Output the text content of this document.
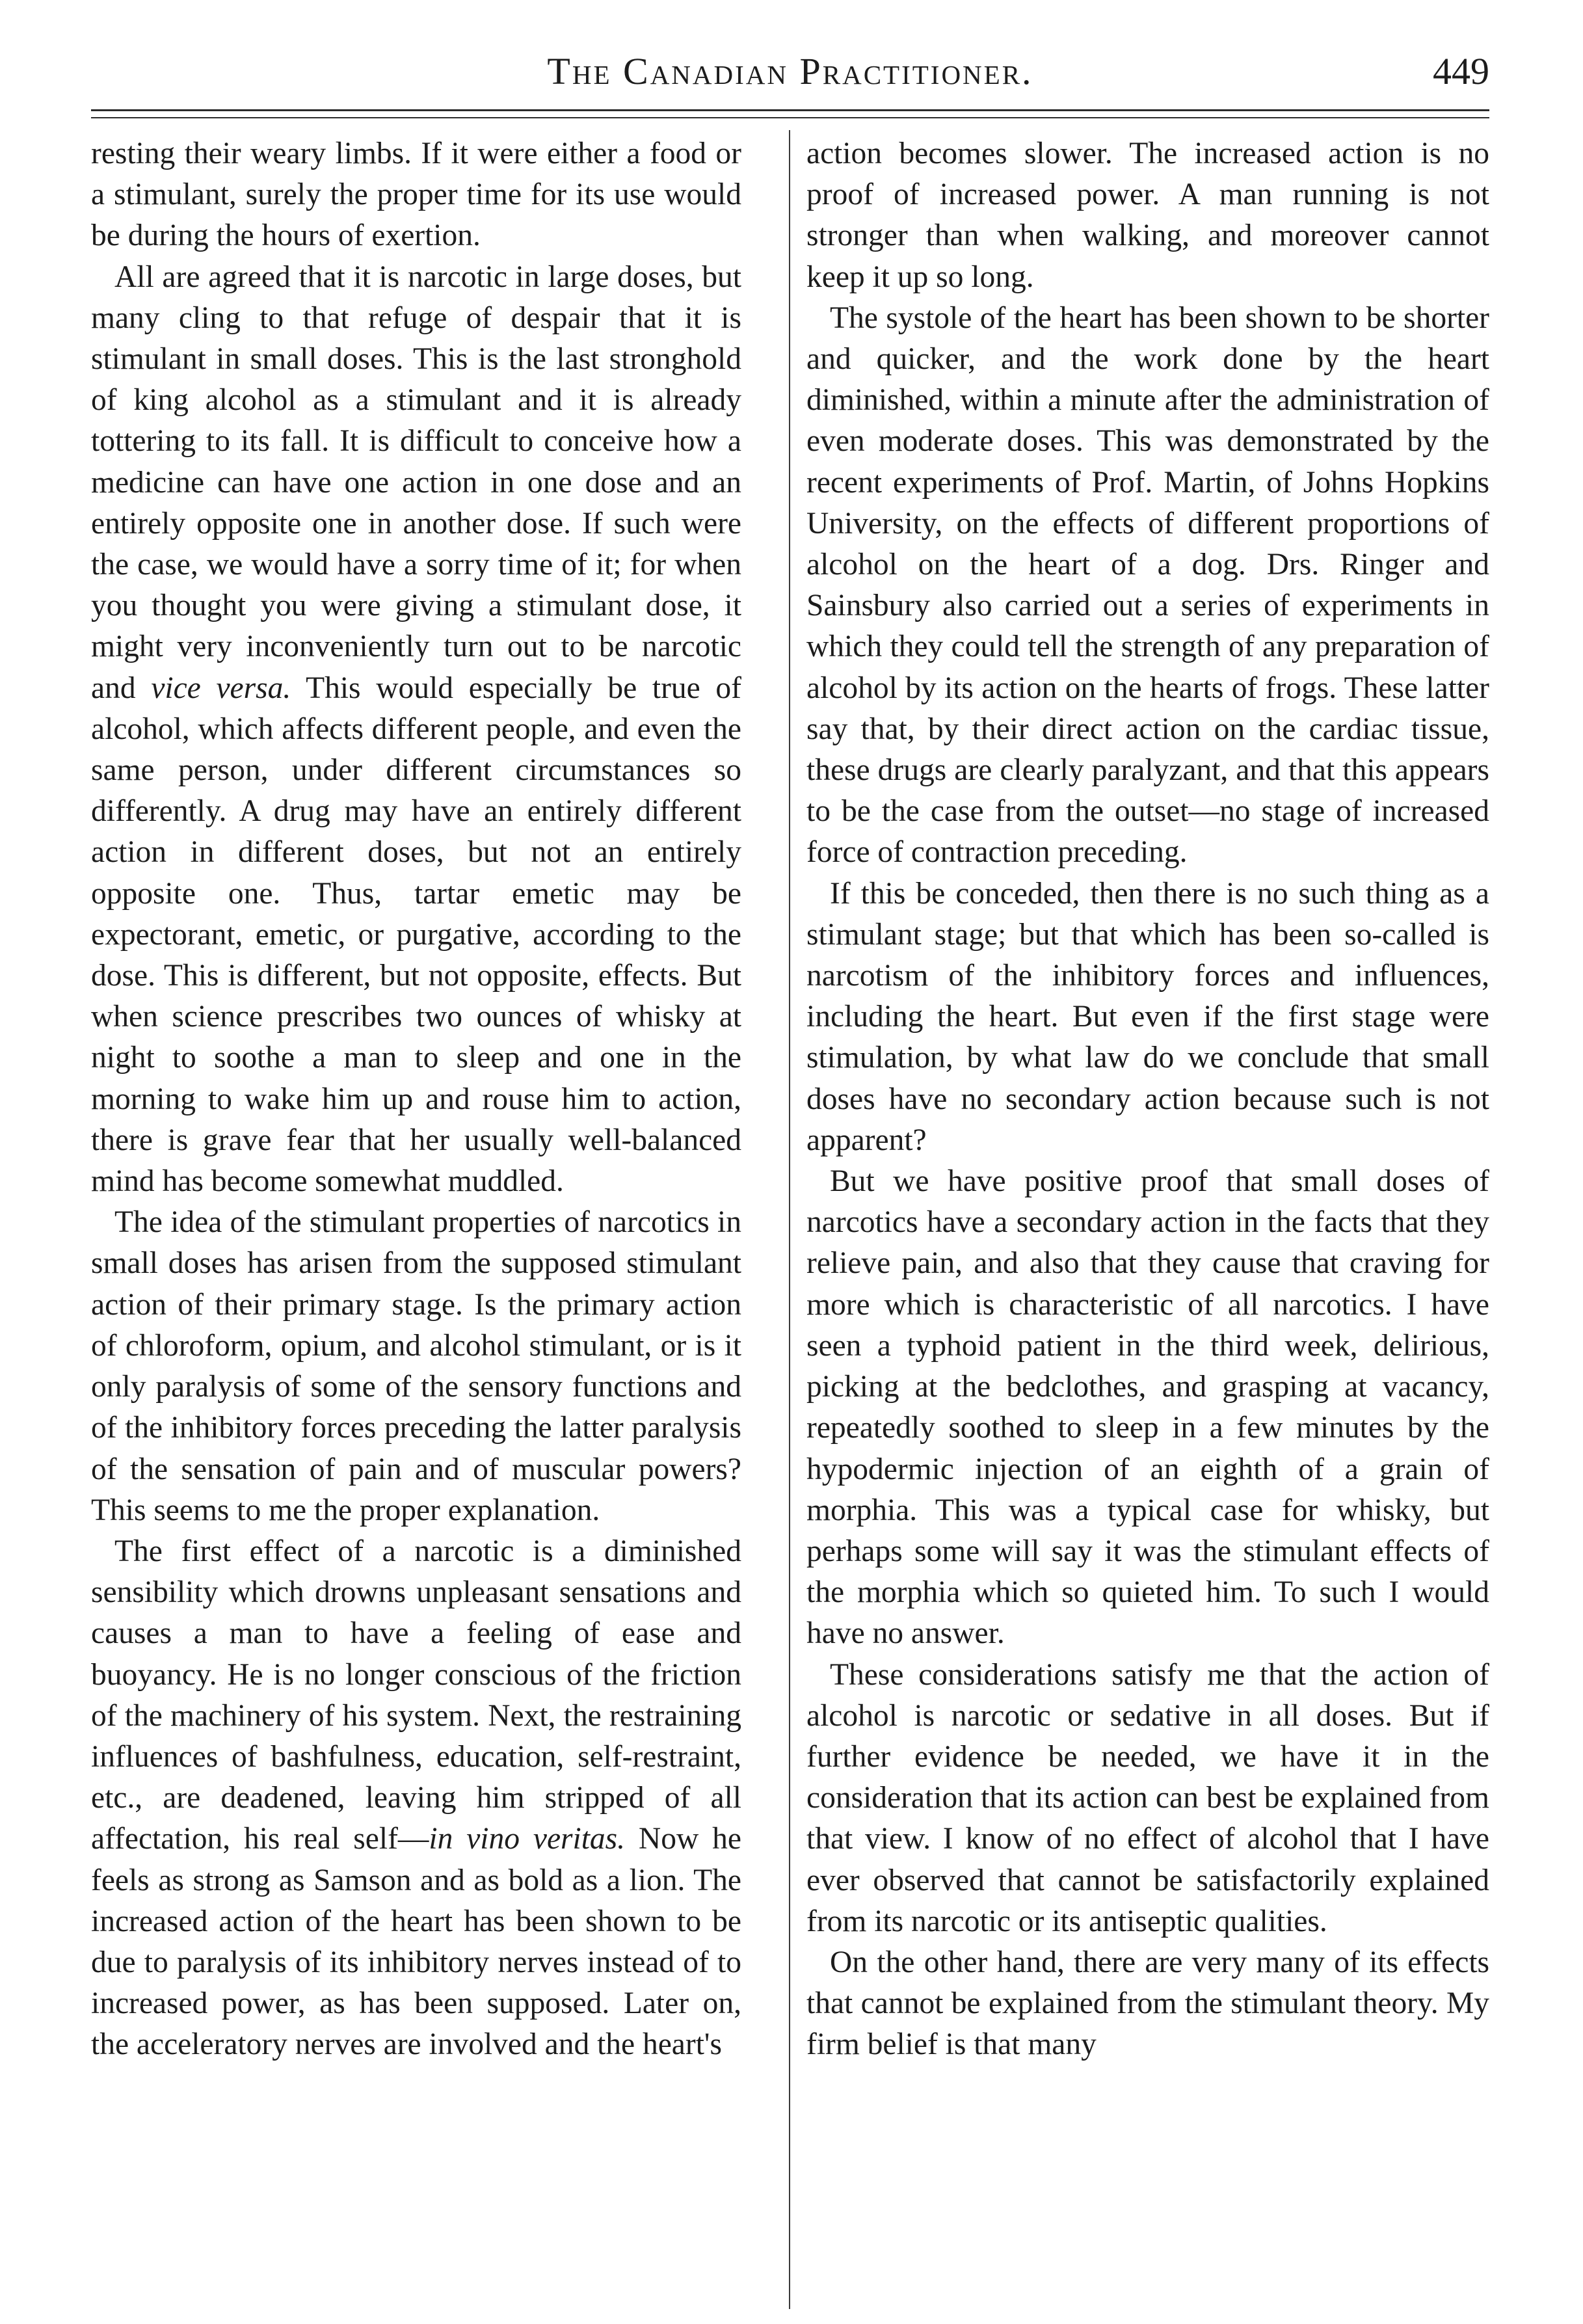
The Canadian Practitioner.	449

resting their weary limbs. If it were either a food or a stimulant, surely the proper time for its use would be during the hours of exertion.

All are agreed that it is narcotic in large doses, but many cling to that refuge of despair that it is stimulant in small doses. This is the last stronghold of king alcohol as a stimulant and it is already tottering to its fall. It is difficult to conceive how a medicine can have one action in one dose and an entirely opposite one in another dose. If such were the case, we would have a sorry time of it; for when you thought you were giving a stimulant dose, it might very inconveniently turn out to be narcotic and vice versa. This would especially be true of alcohol, which affects different people, and even the same person, under different circumstances so differently. A drug may have an entirely different action in different doses, but not an entirely opposite one. Thus, tartar emetic may be expectorant, emetic, or purgative, according to the dose. This is different, but not opposite, effects. But when science prescribes two ounces of whisky at night to soothe a man to sleep and one in the morning to wake him up and rouse him to action, there is grave fear that her usually well-balanced mind has become somewhat muddled.

The idea of the stimulant properties of narcotics in small doses has arisen from the supposed stimulant action of their primary stage. Is the primary action of chloroform, opium, and alcohol stimulant, or is it only paralysis of some of the sensory functions and of the inhibitory forces preceding the latter paralysis of the sensation of pain and of muscular powers? This seems to me the proper explanation.

The first effect of a narcotic is a diminished sensibility which drowns unpleasant sensations and causes a man to have a feeling of ease and buoyancy. He is no longer conscious of the friction of the machinery of his system. Next, the restraining influences of bashfulness, education, self-restraint, etc., are deadened, leaving him stripped of all affectation, his real self—in vino veritas. Now he feels as strong as Samson and as bold as a lion. The increased action of the heart has been shown to be due to paralysis of its inhibitory nerves instead of to increased power, as has been supposed. Later on, the acceleratory nerves are involved and the heart's

action becomes slower. The increased action is no proof of increased power. A man running is not stronger than when walking, and moreover cannot keep it up so long.

The systole of the heart has been shown to be shorter and quicker, and the work done by the heart diminished, within a minute after the administration of even moderate doses. This was demonstrated by the recent experiments of Prof. Martin, of Johns Hopkins University, on the effects of different proportions of alcohol on the heart of a dog. Drs. Ringer and Sainsbury also carried out a series of experiments in which they could tell the strength of any preparation of alcohol by its action on the hearts of frogs. These latter say that, by their direct action on the cardiac tissue, these drugs are clearly paralyzant, and that this appears to be the case from the outset—no stage of increased force of contraction preceding.

If this be conceded, then there is no such thing as a stimulant stage; but that which has been so-called is narcotism of the inhibitory forces and influences, including the heart. But even if the first stage were stimulation, by what law do we conclude that small doses have no secondary action because such is not apparent?

But we have positive proof that small doses of narcotics have a secondary action in the facts that they relieve pain, and also that they cause that craving for more which is characteristic of all narcotics. I have seen a typhoid patient in the third week, delirious, picking at the bedclothes, and grasping at vacancy, repeatedly soothed to sleep in a few minutes by the hypodermic injection of an eighth of a grain of morphia. This was a typical case for whisky, but perhaps some will say it was the stimulant effects of the morphia which so quieted him. To such I would have no answer.

These considerations satisfy me that the action of alcohol is narcotic or sedative in all doses. But if further evidence be needed, we have it in the consideration that its action can best be explained from that view. I know of no effect of alcohol that I have ever observed that cannot be satisfactorily explained from its narcotic or its antiseptic qualities.

On the other hand, there are very many of its effects that cannot be explained from the stimulant theory. My firm belief is that many
